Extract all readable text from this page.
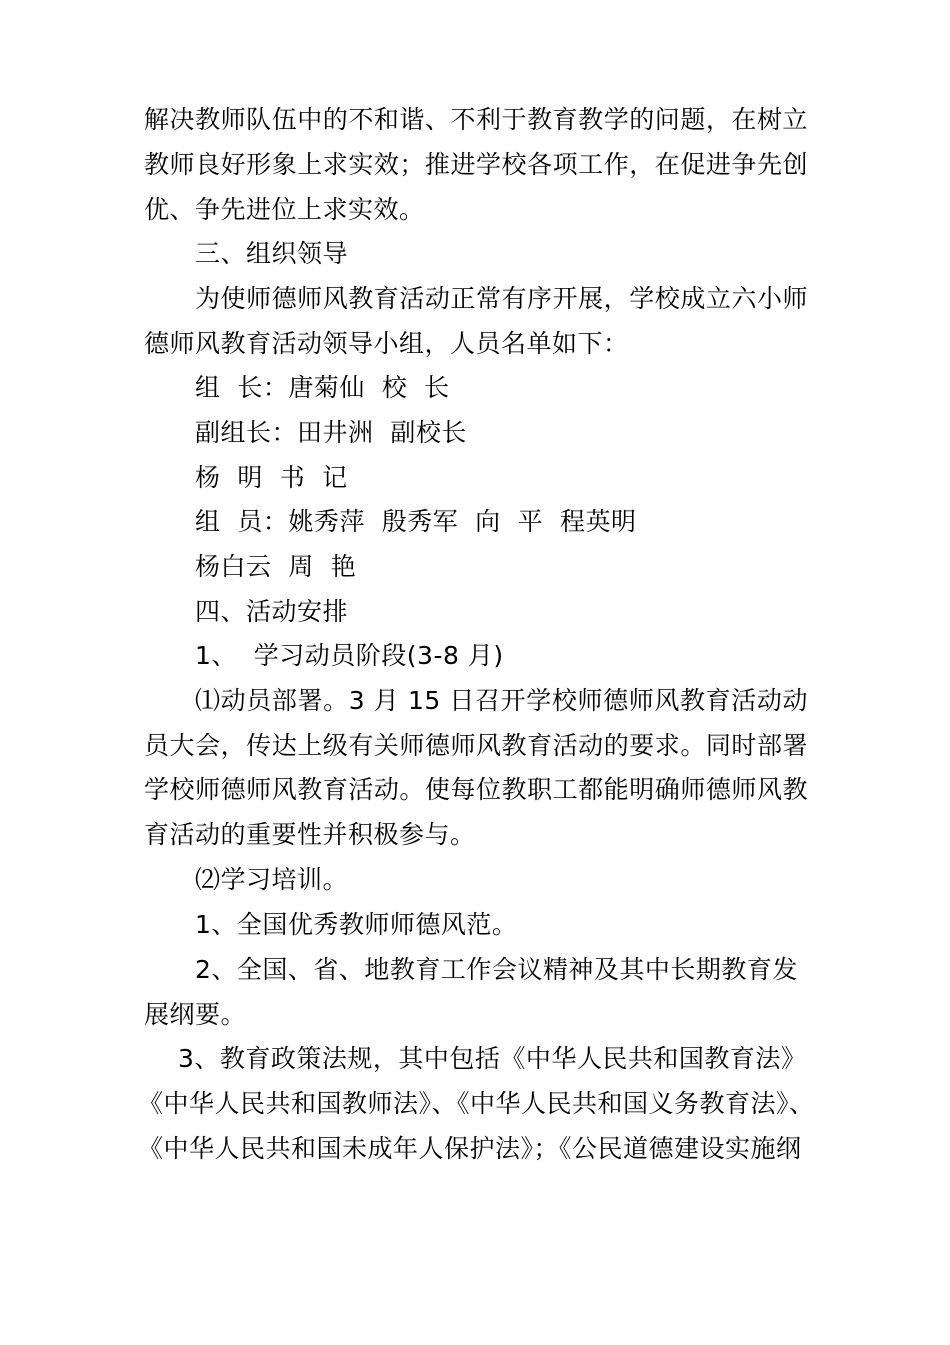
解决教师队伍中的不和谐、不利于教育教学的问题，在树立
教师良好形象上求实效；推进学校各项工作，在促进争先创
优、争先进位上求实效。
三、组织领导
为使师德师风教育活动正常有序开展，学校成立六小师
德师风教育活动领导小组，人员名单如下：
组  长：唐菊仙  校  长
副组长：田井洲  副校长
杨  明  书  记
组  员：姚秀萍  殷秀军  向  平  程英明
杨白云  周  艳
四、活动安排
1、  学习动员阶段(3-8 月)
⑴动员部署。3 月 15 日召开学校师德师风教育活动动
员大会，传达上级有关师德师风教育活动的要求。同时部署
学校师德师风教育活动。使每位教职工都能明确师德师风教
育活动的重要性并积极参与。
⑵学习培训。
1、全国优秀教师师德风范。
2、全国、省、地教育工作会议精神及其中长期教育发
展纲要。
3、教育政策法规，其中包括《中华人民共和国教育法》
《中华人民共和国教师法》、《中华人民共和国义务教育法》、
《中华人民共和国未成年人保护法》；《公民道德建设实施纲
